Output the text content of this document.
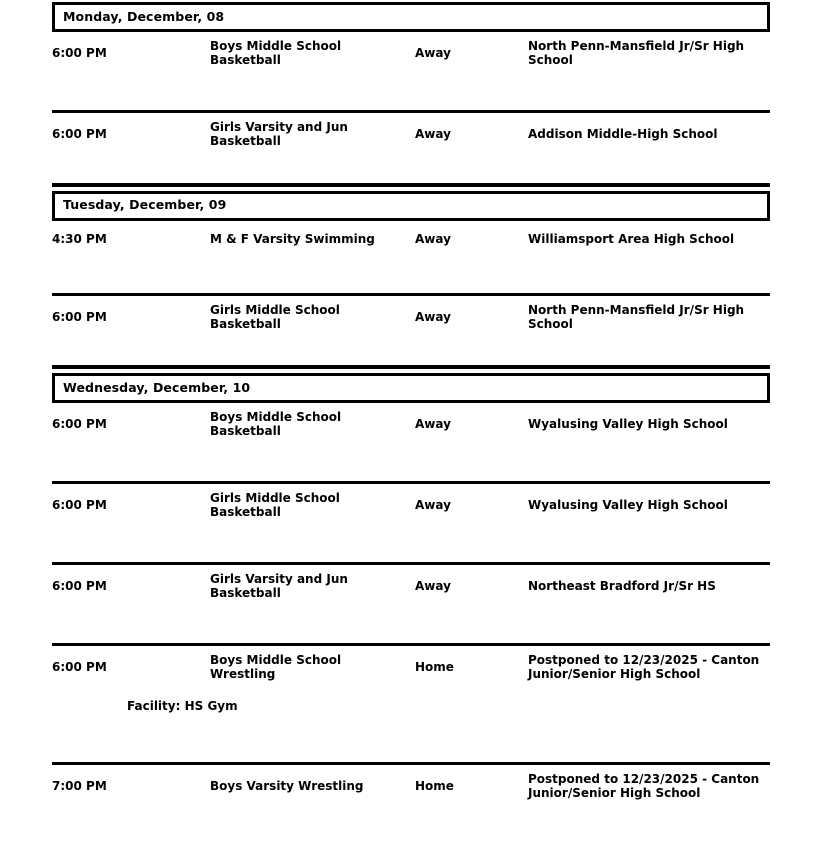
Monday, December, 08
6:00 PM	Boys Middle School Basketball	Away	North Penn-Mansfield Jr/Sr High School
6:00 PM	Girls Varsity and Jun Basketball	Away	Addison Middle-High School
Tuesday, December, 09
4:30 PM	M & F Varsity Swimming	Away	Williamsport Area High School
6:00 PM	Girls Middle School Basketball	Away	North Penn-Mansfield Jr/Sr High School
Wednesday, December, 10
6:00 PM	Boys Middle School Basketball	Away	Wyalusing Valley High School
6:00 PM	Girls Middle School Basketball	Away	Wyalusing Valley High School
6:00 PM	Girls Varsity and Jun Basketball	Away	Northeast Bradford Jr/Sr HS
6:00 PM	Boys Middle School Wrestling	Home	Postponed to 12/23/2025 - Canton Junior/Senior High School
Facility: HS Gym
7:00 PM	Boys Varsity Wrestling	Home	Postponed to 12/23/2025 - Canton Junior/Senior High School
